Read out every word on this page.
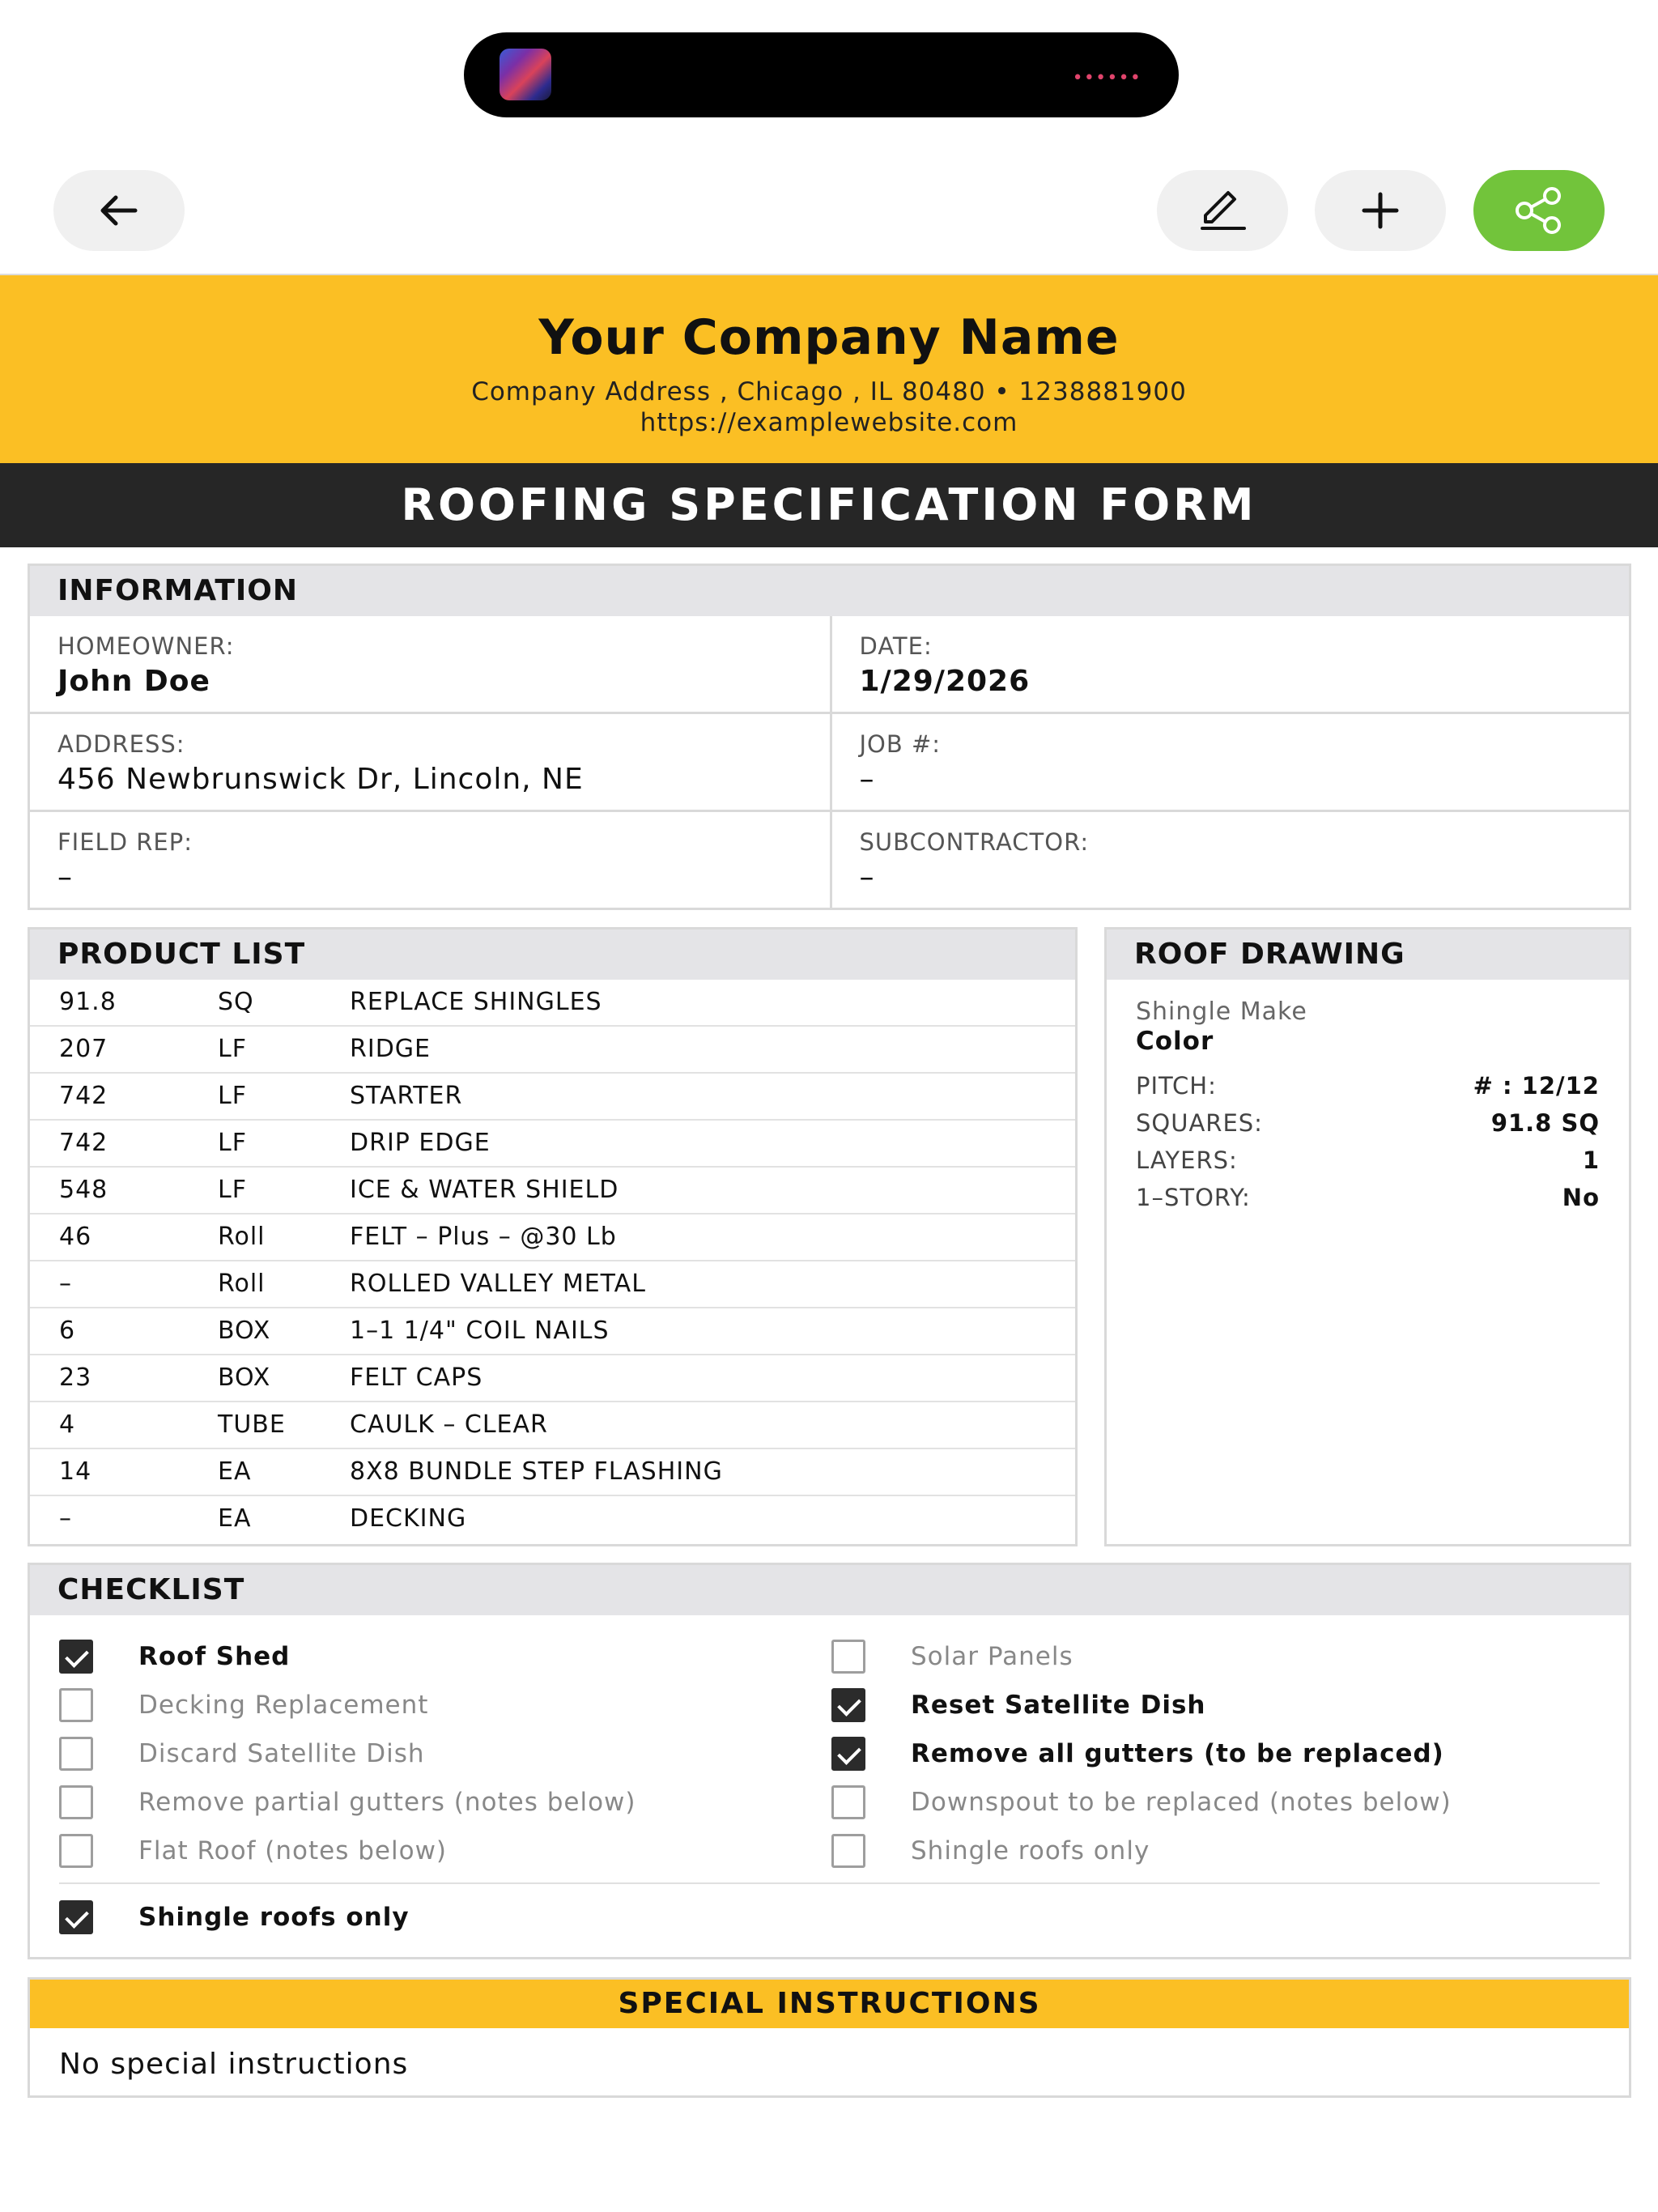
••••••
Your Company Name
Company Address , Chicago , IL 80480 • 1238881900
https://examplewebsite.com
ROOFING SPECIFICATION FORM
INFORMATION
HOMEOWNER:
John Doe
DATE:
1/29/2026
ADDRESS:
456 Newbrunswick Dr, Lincoln, NE
JOB #:
–
FIELD REP:
–
SUBCONTRACTOR:
–
PRODUCT LIST
91.8	SQ	REPLACE SHINGLES
207	LF	RIDGE
742	LF	STARTER
742	LF	DRIP EDGE
548	LF	ICE & WATER SHIELD
46	Roll	FELT – Plus – @30 Lb
–	Roll	ROLLED VALLEY METAL
6	BOX	1–1 1/4" COIL NAILS
23	BOX	FELT CAPS
4	TUBE	CAULK – CLEAR
14	EA	8X8 BUNDLE STEP FLASHING
–	EA	DECKING
ROOF DRAWING
Shingle Make
Color
PITCH:	# : 12/12
SQUARES:	91.8 SQ
LAYERS:	1
1–STORY:	No
CHECKLIST
Roof Shed
Decking Replacement
Discard Satellite Dish
Remove partial gutters (notes below)
Flat Roof (notes below)
Solar Panels
Reset Satellite Dish
Remove all gutters (to be replaced)
Downspout to be replaced (notes below)
Shingle roofs only
Shingle roofs only
SPECIAL INSTRUCTIONS
No special instructions
